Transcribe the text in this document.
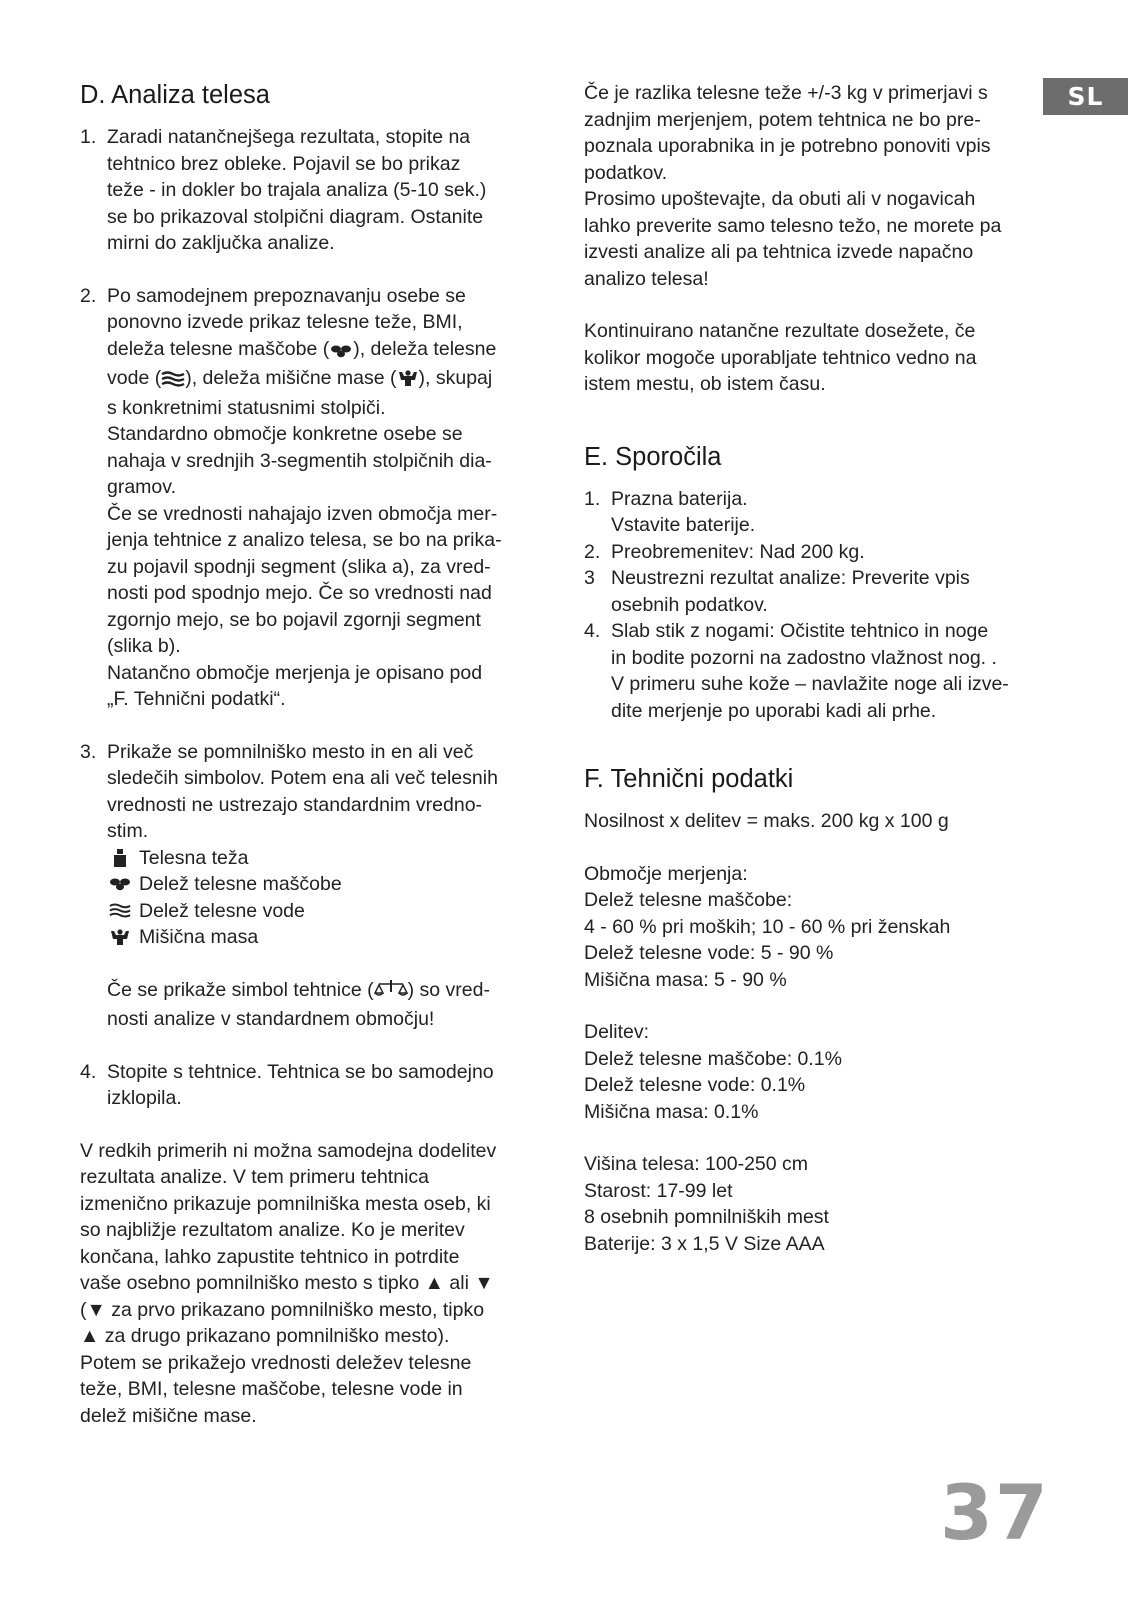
SL
D. Analiza telesa
1. Zaradi natančnejšega rezultata, stopite na

tehtnico brez obleke. Pojavil se bo prikaz

teže - in dokler bo trajala analiza (5-10 sek.)

se bo prikazoval stolpični diagram. Ostanite

mirni do zaključka analize.

2. Po samodejnem prepoznavanju osebe se

ponovno izvede prikaz telesne teže, BMI,

deleža telesne maščobe ( ), deleža telesne

vode ( ), deleža mišične mase ( ), skupaj

s konkretnimi statusnimi stolpiči.

Standardno območje konkretne osebe se

nahaja v srednjih 3-segmentih stolpičnih dia-

gramov.

Če se vrednosti nahajajo izven območja mer-

jenja tehtnice z analizo telesa, se bo na prika-

zu pojavil spodnji segment (slika a), za vred-

nosti pod spodnjo mejo. Če so vrednosti nad

zgornjo mejo, se bo pojavil zgornji segment

(slika b).

Natančno območje merjenja je opisano pod

„F. Tehnični podatki“.

3. Prikaže se pomnilniško mesto in en ali več

sledečih simbolov. Potem ena ali več telesnih

vrednosti ne ustrezajo standardnim vredno-

stim.

Telesna teža
Delež telesne maščobe
Delež telesne vode
Mišična masa

Če se prikaže simbol tehtnice ( ) so vred-

nosti analize v standardnem območju!

4. Stopite s tehtnice. Tehtnica se bo samodejno

izklopila.

V redkih primerih ni možna samodejna dodelitev

rezultata analize. V tem primeru tehtnica

izmenično prikazuje pomnilniška mesta oseb, ki

so najbližje rezultatom analize. Ko je meritev

končana, lahko zapustite tehtnico in potrdite

vaše osebno pomnilniško mesto s tipko ▲ ali ▼

(▼ za prvo prikazano pomnilniško mesto, tipko

▲ za drugo prikazano pomnilniško mesto).

Potem se prikažejo vrednosti deležev telesne

teže, BMI, telesne maščobe, telesne vode in

delež mišične mase.

Če je razlika telesne teže +/-3 kg v primerjavi s

zadnjim merjenjem, potem tehtnica ne bo pre-

poznala uporabnika in je potrebno ponoviti vpis

podatkov.

Prosimo upoštevajte, da obuti ali v nogavicah

lahko preverite samo telesno težo, ne morete pa

izvesti analize ali pa tehtnica izvede napačno

analizo telesa!

Kontinuirano natančne rezultate dosežete, če

kolikor mogoče uporabljate tehtnico vedno na

istem mestu, ob istem času.

E. Sporočila
1. Prazna baterija.

Vstavite baterije.

2. Preobremenitev: Nad 200 kg.

3 Neustrezni rezultat analize: Preverite vpis

osebnih podatkov.

4. Slab stik z nogami: Očistite tehtnico in noge

in bodite pozorni na zadostno vlažnost nog. .

V primeru suhe kože – navlažite noge ali izve-

dite merjenje po uporabi kadi ali prhe.

F. Tehnični podatki

Nosilnost x delitev = maks. 200 kg x 100 g

Območje merjenja:

Delež telesne maščobe:

4 - 60 % pri moških; 10 - 60 % pri ženskah

Delež telesne vode: 5 - 90 %

Mišična masa: 5 - 90 %

Delitev:

Delež telesne maščobe: 0.1%

Delež telesne vode: 0.1%

Mišična masa: 0.1%

Višina telesa: 100-250 cm

Starost: 17-99 let

8 osebnih pomnilniških mest

Baterije: 3 x 1,5 V Size AAA

37
